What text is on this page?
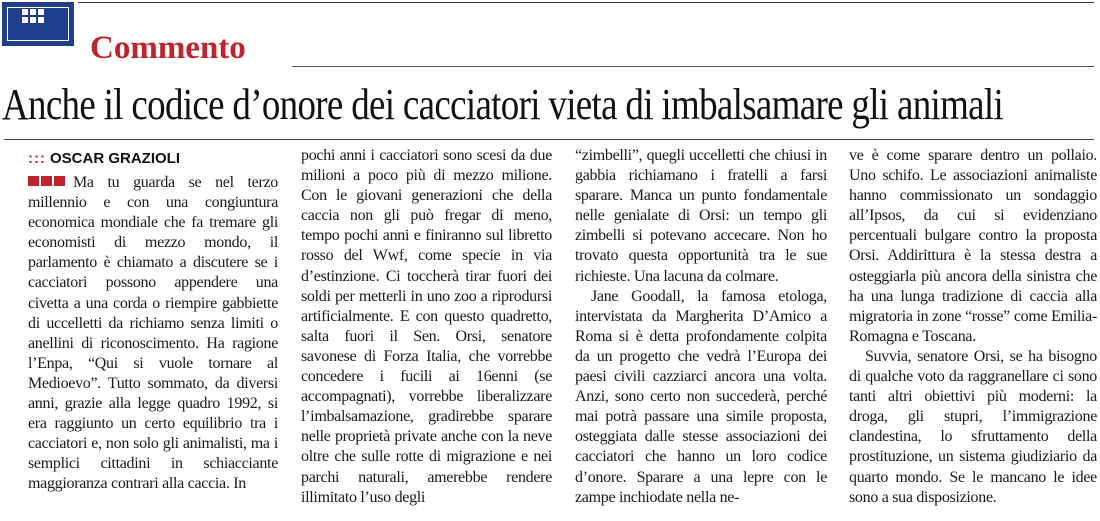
Commento
Anche il codice d’onore dei cacciatori vieta di imbalsamare gli animali
::: OSCAR GRAZIOLI

Ma tu guarda se nel terzo millennio e con una congiuntura economica mondiale che fa tremare gli economisti di mezzo mondo, il parlamento è chiamato a discutere se i cacciatori possono appendere una civetta a una corda o riempire gabbiette di uccelletti da richiamo senza limiti o anellini di riconoscimento. Ha ragione l’Enpa, “Qui si vuole tornare al Medioevo”. Tutto sommato, da diversi anni, grazie alla legge quadro 1992, si era raggiunto un certo equilibrio tra i cacciatori e, non solo gli animalisti, ma i semplici cittadini in schiacciante maggioranza contrari alla caccia. In

pochi anni i cacciatori sono scesi da due milioni a poco più di mezzo milione. Con le giovani generazioni che della caccia non gli può fregar di meno, tempo pochi anni e finiranno sul libretto rosso del Wwf, come specie in via d’estinzione. Ci toccherà tirar fuori dei soldi per metterli in uno zoo a riprodursi artificialmente. E con questo quadretto, salta fuori il Sen. Orsi, senatore savonese di Forza Italia, che vorrebbe concedere i fucili ai 16enni (se accompagnati), vorrebbe liberalizzare l’imbalsamazione, gradirebbe sparare nelle proprietà private anche con la neve oltre che sulle rotte di migrazione e nei parchi naturali, amerebbe rendere illimitato l’uso degli

“zimbelli”, quegli uccelletti che chiusi in gabbia richiamano i fratelli a farsi sparare. Manca un punto fondamentale nelle genialate di Orsi: un tempo gli zimbelli si potevano accecare. Non ho trovato questa opportunità tra le sue richieste. Una lacuna da colmare.

Jane Goodall, la famosa etologa, intervistata da Margherita D’Amico a Roma si è detta profondamente colpita da un progetto che vedrà l’Europa dei paesi civili cazziarci ancora una volta. Anzi, sono certo non succederà, perché mai potrà passare una simile proposta, osteggiata dalle stesse associazioni dei cacciatori che hanno un loro codice d’onore. Sparare a una lepre con le zampe inchiodate nella ne-

ve è come sparare dentro un pollaio. Uno schifo. Le associazioni animaliste hanno commissionato un sondaggio all’Ipsos, da cui si evidenziano percentuali bulgare contro la proposta Orsi. Addirittura è la stessa destra a osteggiarla più ancora della sinistra che ha una lunga tradizione di caccia alla migratoria in zone “rosse” come Emilia-Romagna e Toscana.

Suvvia, senatore Orsi, se ha bisogno di qualche voto da raggranellare ci sono tanti altri obiettivi più moderni: la droga, gli stupri, l’immigrazione clandestina, lo sfruttamento della prostituzione, un sistema giudiziario da quarto mondo. Se le mancano le idee sono a sua disposizione.
